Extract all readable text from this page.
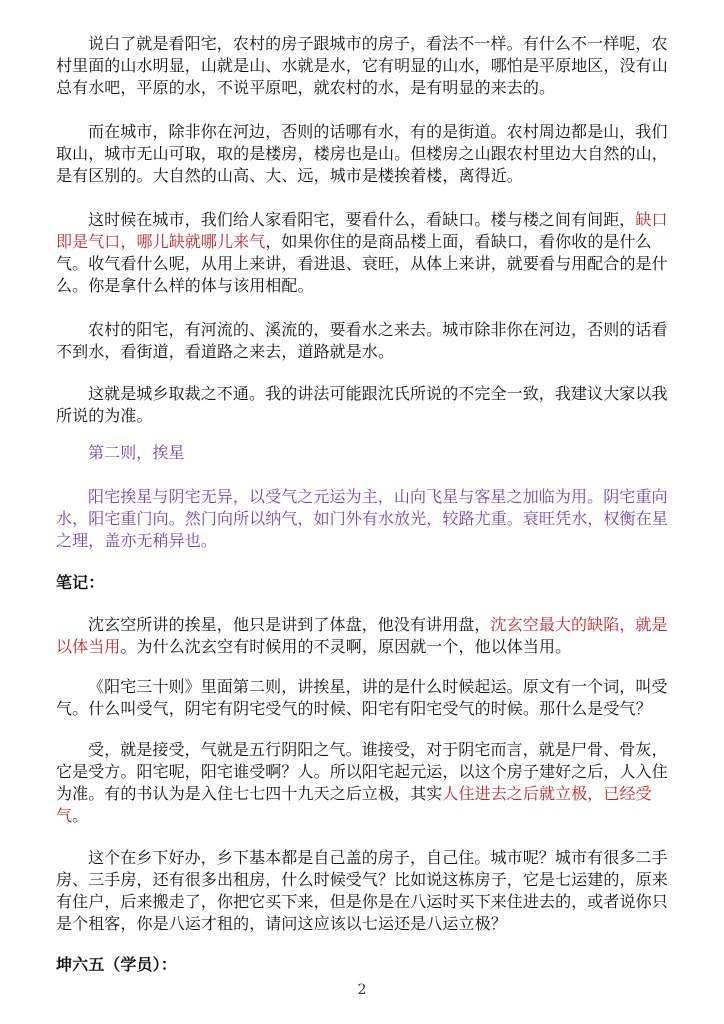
说白了就是看阳宅，农村的房子跟城市的房子，看法不一样。有什么不一样呢，农村里面的山水明显，山就是山、水就是水，它有明显的山水，哪怕是平原地区，没有山总有水吧，平原的水，不说平原吧，就农村的水，是有明显的来去的。

而在城市，除非你在河边，否则的话哪有水，有的是街道。农村周边都是山，我们取山，城市无山可取，取的是楼房，楼房也是山。但楼房之山跟农村里边大自然的山，是有区别的。大自然的山高、大、远，城市是楼挨着楼，离得近。

这时候在城市，我们给人家看阳宅，要看什么，看缺口。楼与楼之间有间距，缺口即是气口，哪儿缺就哪儿来气，如果你住的是商品楼上面，看缺口，看你收的是什么气。收气看什么呢，从用上来讲，看进退、衰旺，从体上来讲，就要看与用配合的是什么。你是拿什么样的体与该用相配。

农村的阳宅，有河流的、溪流的，要看水之来去。城市除非你在河边，否则的话看不到水，看街道，看道路之来去，道路就是水。

这就是城乡取裁之不通。我的讲法可能跟沈氏所说的不完全一致，我建议大家以我所说的为准。

第二则，挨星

阳宅挨星与阴宅无异，以受气之元运为主，山向飞星与客星之加临为用。阴宅重向水，阳宅重门向。然门向所以纳气，如门外有水放光，较路尤重。衰旺凭水，权衡在星之理，盖亦无稍异也。

笔记：

沈玄空所讲的挨星，他只是讲到了体盘，他没有讲用盘，沈玄空最大的缺陷，就是以体当用。为什么沈玄空有时候用的不灵啊，原因就一个，他以体当用。

《阳宅三十则》里面第二则，讲挨星，讲的是什么时候起运。原文有一个词，叫受气。什么叫受气，阴宅有阴宅受气的时候、阳宅有阳宅受气的时候。那什么是受气？

受，就是接受，气就是五行阴阳之气。谁接受，对于阴宅而言，就是尸骨、骨灰，它是受方。阳宅呢，阳宅谁受啊？人。所以阳宅起元运，以这个房子建好之后，人入住为准。有的书认为是入住七七四十九天之后立极，其实人住进去之后就立极，已经受气。

这个在乡下好办，乡下基本都是自己盖的房子，自己住。城市呢？城市有很多二手房、三手房，还有很多出租房，什么时候受气？比如说这栋房子，它是七运建的，原来有住户，后来搬走了，你把它买下来，但是你是在八运时买下来住进去的，或者说你只是个租客，你是八运才租的，请问这应该以七运还是八运立极？

坤六五（学员）：

2
